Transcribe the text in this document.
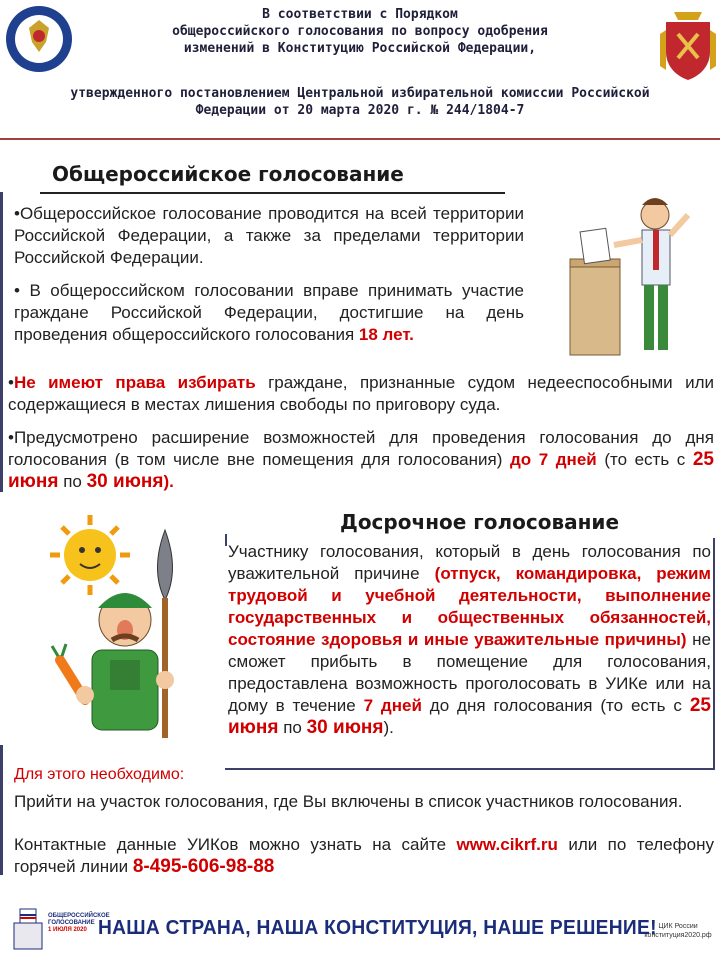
В соответствии с Порядком
общероссийского голосования по вопросу одобрения
изменений в Конституцию Российской Федерации,
утвержденного постановлением Центральной избирательной комиссии Российской
Федерации от 20 марта 2020 г. № 244/1804-7
Общероссийское голосование
•Общероссийское голосование проводится на всей территории Российской Федерации, а также за пределами территории Российской Федерации.
• В общероссийском голосовании вправе принимать участие граждане Российской Федерации, достигшие на день проведения общероссийского голосования 18 лет.
•Не имеют права избирать граждане, признанные судом недееспособными или содержащиеся в местах лишения свободы по приговору суда.
•Предусмотрено расширение возможностей для проведения голосования до дня голосования (в том числе вне помещения для голосования) до 7 дней (то есть с 25 июня по 30 июня).
Досрочное голосование
Участнику голосования, который в день голосования по уважительной причине (отпуск, командировка, режим трудовой и учебной деятельности, выполнение государственных и общественных обязанностей, состояние здоровья и иные уважительные причины) не сможет прибыть в помещение для голосования, предоставлена возможность проголосовать в УИКе или на дому в течение 7 дней до дня голосования (то есть с 25 июня по 30 июня).
Для этого необходимо:
Прийти на участок голосования, где Вы включены в список участников голосования.
Контактные данные УИКов можно узнать на сайте www.cikrf.ru или по телефону горячей линии 8-495-606-98-88
ОБЩЕРОССИЙСКОЕ
ГОЛОСОВАНИЕ
1 ИЮЛЯ 2020 НАША СТРАНА, НАША КОНСТИТУЦИЯ, НАШЕ РЕШЕНИЕ! ЦИК России
конституция2020.рф
